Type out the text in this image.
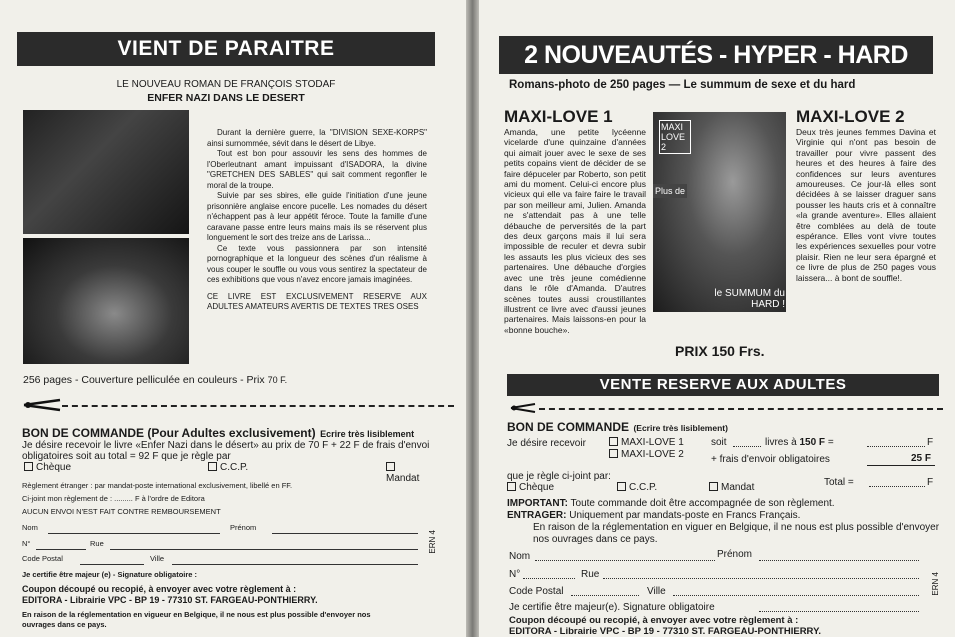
VIENT DE PARAITRE
LE NOUVEAU ROMAN DE FRANÇOIS STODAF
ENFER NAZI DANS LE DESERT
Durant la dernière guerre, la "DIVISION SEXE-KORPS" ainsi surnommée, sévit dans le désert de Libye.
Tout est bon pour assouvir les sens des hommes de l'Oberleutnant amant impuissant d'ISADORA, la divine "GRETCHEN DES SABLES" qui sait comment regonfler le moral de la troupe.
Suivie par ses sbires, elle guide l'initiation d'une jeune prisonnière anglaise encore pucelle. Les nomades du désert n'échappent pas à leur appétit féroce. Toute la famille d'une caravane passe entre leurs mains mais ils se réservent plus longuement le sort des treize ans de Larissa...
Ce texte vous passionnera par son intensité pornographique et la longueur des scènes d'un réalisme à vous couper le souffle ou vous vous sentirez la spectateur de ces exhibitions que vous n'avez encore jamais imaginées.
CE LIVRE EST EXCLUSIVEMENT RESERVE AUX ADULTES AMATEURS AVERTIS DE TEXTES TRES OSES
256 pages - Couverture pelliculée en couleurs - Prix 70 F.
BON DE COMMANDE (Pour Adultes exclusivement) Ecrire très lisiblement
Je désire recevoir le livre «Enfer Nazi dans le désert» au prix de 70 F + 22 F de frais d'envoi obligatoires soit au total = 92 F que je règle par
Chèque	C.C.P.
Mandat
Règlement étranger : par mandat-poste international exclusivement, libellé en FF.
Ci-joint mon règlement de : ......... F à l'ordre de Editora
AUCUN ENVOI N'EST FAIT CONTRE REMBOURSEMENT
Nom	Prénom
N°	Rue
Code Postal	Ville
ERN 4
Je certifie être majeur (e) - Signature obligatoire :
Coupon découpé ou recopié, à envoyer avec votre règlement à :
EDITORA - Librairie VPC - BP 19 - 77310 ST. FARGEAU-PONTHIERRY.
En raison de la réglementation en vigueur en Belgique, il ne nous est plus possible d'envoyer nos ouvrages dans ce pays.
2 NOUVEAUTÉS - HYPER - HARD
Romans-photo de 250 pages — Le summum de sexe et du hard
MAXI-LOVE 1
Amanda, une petite lycéenne vicelarde d'une quinzaine d'années qui aimait jouer avec le sexe de ses petits copains vient de décider de se faire dépuceler par Roberto, son petit ami du moment. Celui-ci encore plus vicieux qui elle va faire faire le travail par son meilleur ami, Julien. Amanda ne s'attendait pas à une telle débauche de perversités de la part des deux garçons mais il lui sera impossible de reculer et devra subir les assauts les plus vicieux des ses partenaires. Une débauche d'orgies avec une très jeune comédienne dans le rôle d'Amanda. D'autres scènes toutes aussi croustillantes illustrent ce livre avec d'aussi jeunes partenaires. Mais laissons-en pour la «bonne bouche».
MAXI LOVE 2
Plus de
le SUMMUM du HARD !
MAXI-LOVE 2
Deux très jeunes femmes Davina et Virginie qui n'ont pas besoin de travailler pour vivre passent des heures et des heures à faire des confidences sur leurs aventures amoureuses. Ce jour-là elles sont décidées à se laisser draguer sans pousser les hauts cris et à connaître «la grande aventure». Elles allaient être comblées au delà de toute espérance. Elles vont vivre toutes les expériences sexuelles pour votre plaisir. Rien ne leur sera épargné et ce livre de plus de 250 pages vous laissera... à bont de souffle!.
PRIX 150 Frs.
VENTE RESERVE AUX ADULTES
BON DE COMMANDE (Ecrire très lisiblement)
Je désire recevoir	MAXI-LOVE 1
MAXI-LOVE 2
soit	livres à 150 F =	F
+ frais d'envoir obligatoires	25 F
que je règle ci-joint par:
Chèque	C.C.P.	Mandat	Total =	F
IMPORTANT: Toute commande doit être accompagnée de son règlement.
ENTRAGER: Uniquement par mandats-poste en Francs Français.
En raison de la réglementation en viguer en Belgique, il ne nous est plus possible d'envoyer nos ouvrages dans ce pays.
Nom	Prénom
N°	Rue
Code Postal	Ville	ERN 4
Je certifie être majeur(e). Signature obligatoire
Coupon découpé ou recopié, à envoyer avec votre règlement à :
EDITORA - Librairie VPC - BP 19 - 77310 ST. FARGEAU-PONTHIERRY.
